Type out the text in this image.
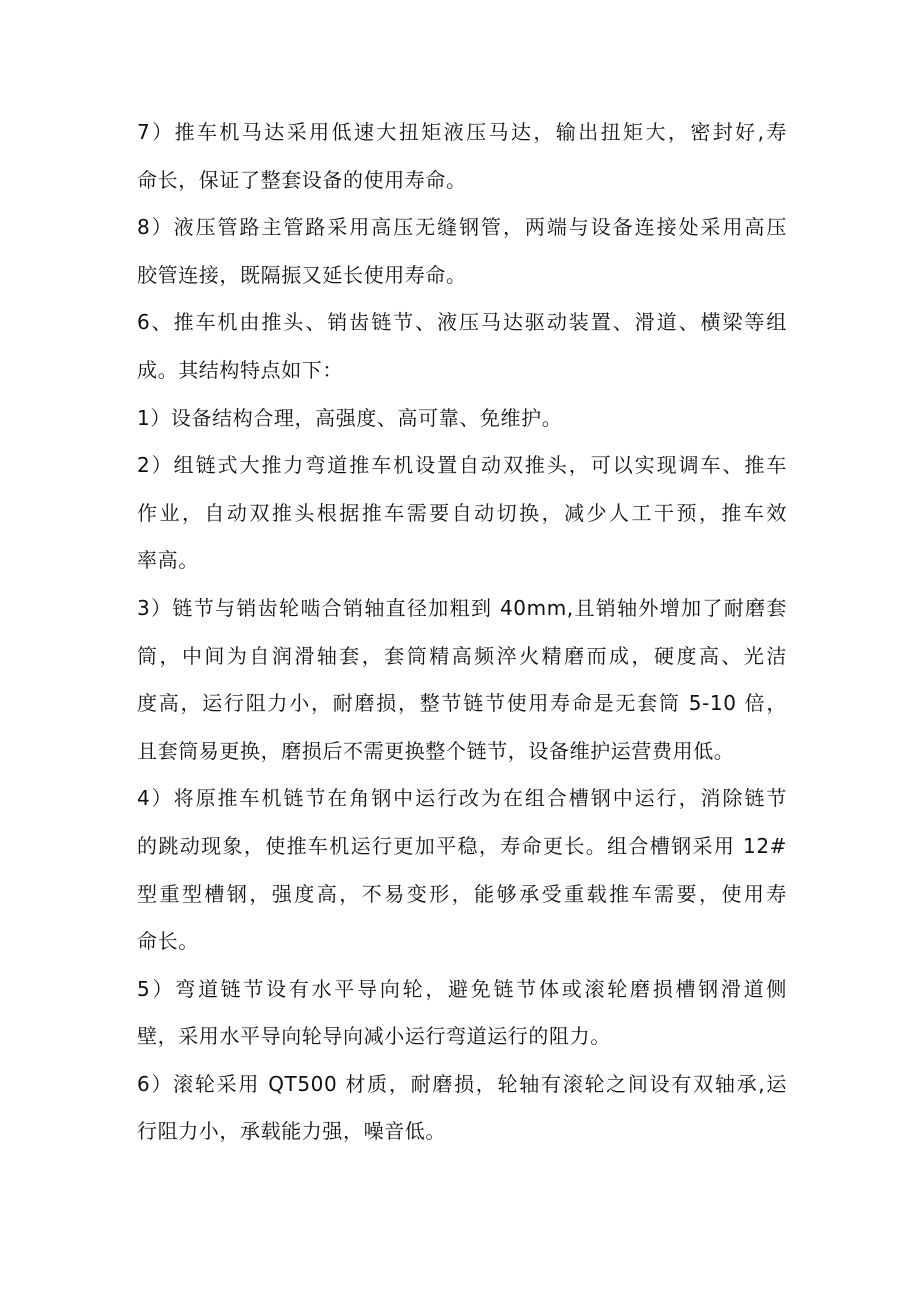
7）推车机马达采用低速大扭矩液压马达，输出扭矩大，密封好,寿
命长，保证了整套设备的使用寿命。

8）液压管路主管路采用高压无缝钢管，两端与设备连接处采用高压
胶管连接，既隔振又延长使用寿命。

6、推车机由推头、销齿链节、液压马达驱动装置、滑道、横梁等组
成。其结构特点如下：

1）设备结构合理，高强度、高可靠、免维护。

2）组链式大推力弯道推车机设置自动双推头，可以实现调车、推车
作业，自动双推头根据推车需要自动切换，减少人工干预，推车效
率高。

3）链节与销齿轮啮合销轴直径加粗到 40mm,且销轴外增加了耐磨套
筒，中间为自润滑轴套，套筒精高频淬火精磨而成，硬度高、光洁
度高，运行阻力小，耐磨损，整节链节使用寿命是无套筒 5-10 倍，
且套筒易更换，磨损后不需更换整个链节，设备维护运营费用低。

4）将原推车机链节在角钢中运行改为在组合槽钢中运行，消除链节
的跳动现象，使推车机运行更加平稳，寿命更长。组合槽钢采用 12#
型重型槽钢，强度高，不易变形，能够承受重载推车需要，使用寿
命长。

5）弯道链节设有水平导向轮，避免链节体或滚轮磨损槽钢滑道侧
壁，采用水平导向轮导向减小运行弯道运行的阻力。

6）滚轮采用 QT500 材质，耐磨损，轮轴有滚轮之间设有双轴承,运
行阻力小，承载能力强，噪音低。
